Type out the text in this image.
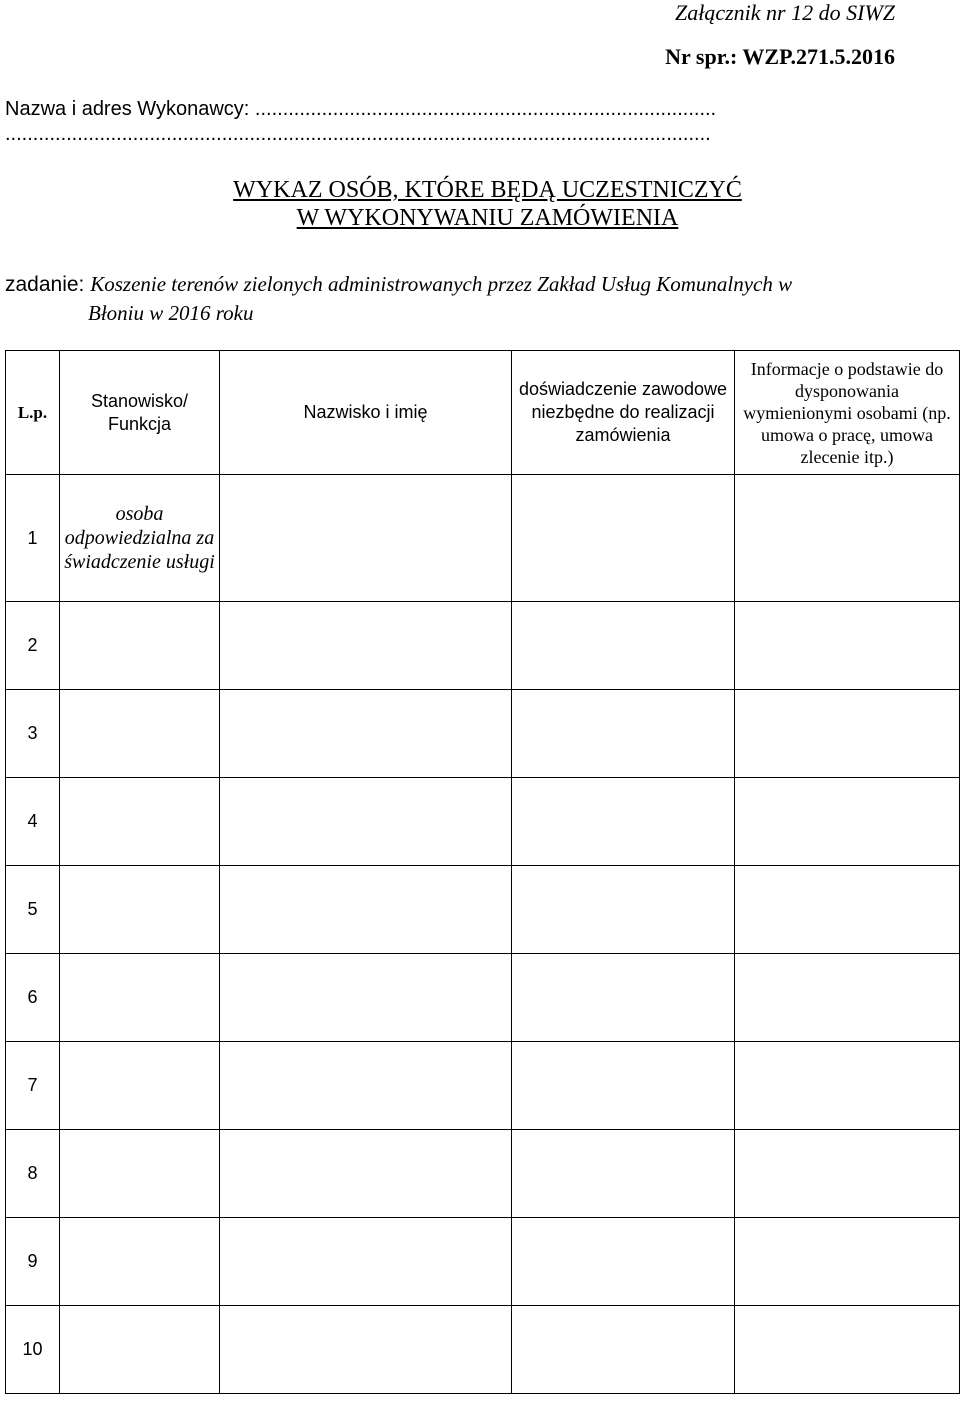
Załącznik nr 12 do SIWZ
Nr spr.: WZP.271.5.2016
Nazwa i adres Wykonawcy: ...................................................................................
...............................................................................................................................
WYKAZ OSÓB, KTÓRE BĘDĄ UCZESTNICZYĆ
W WYKONYWANIU ZAMÓWIENIA
zadanie: Koszenie terenów zielonych administrowanych przez Zakład Usług Komunalnych w
Błoniu w 2016 roku
L.p.	Stanowisko/ Funkcja	Nazwisko i imię	doświadczenie zawodowe niezbędne do realizacji zamówienia	Informacje o podstawie do dysponowania wymienionymi osobami (np. umowa o pracę, umowa zlecenie itp.)
1	osoba odpowiedzialna za świadczenie usługi			
2				
3				
4				
5				
6				
7				
8				
9				
10				
